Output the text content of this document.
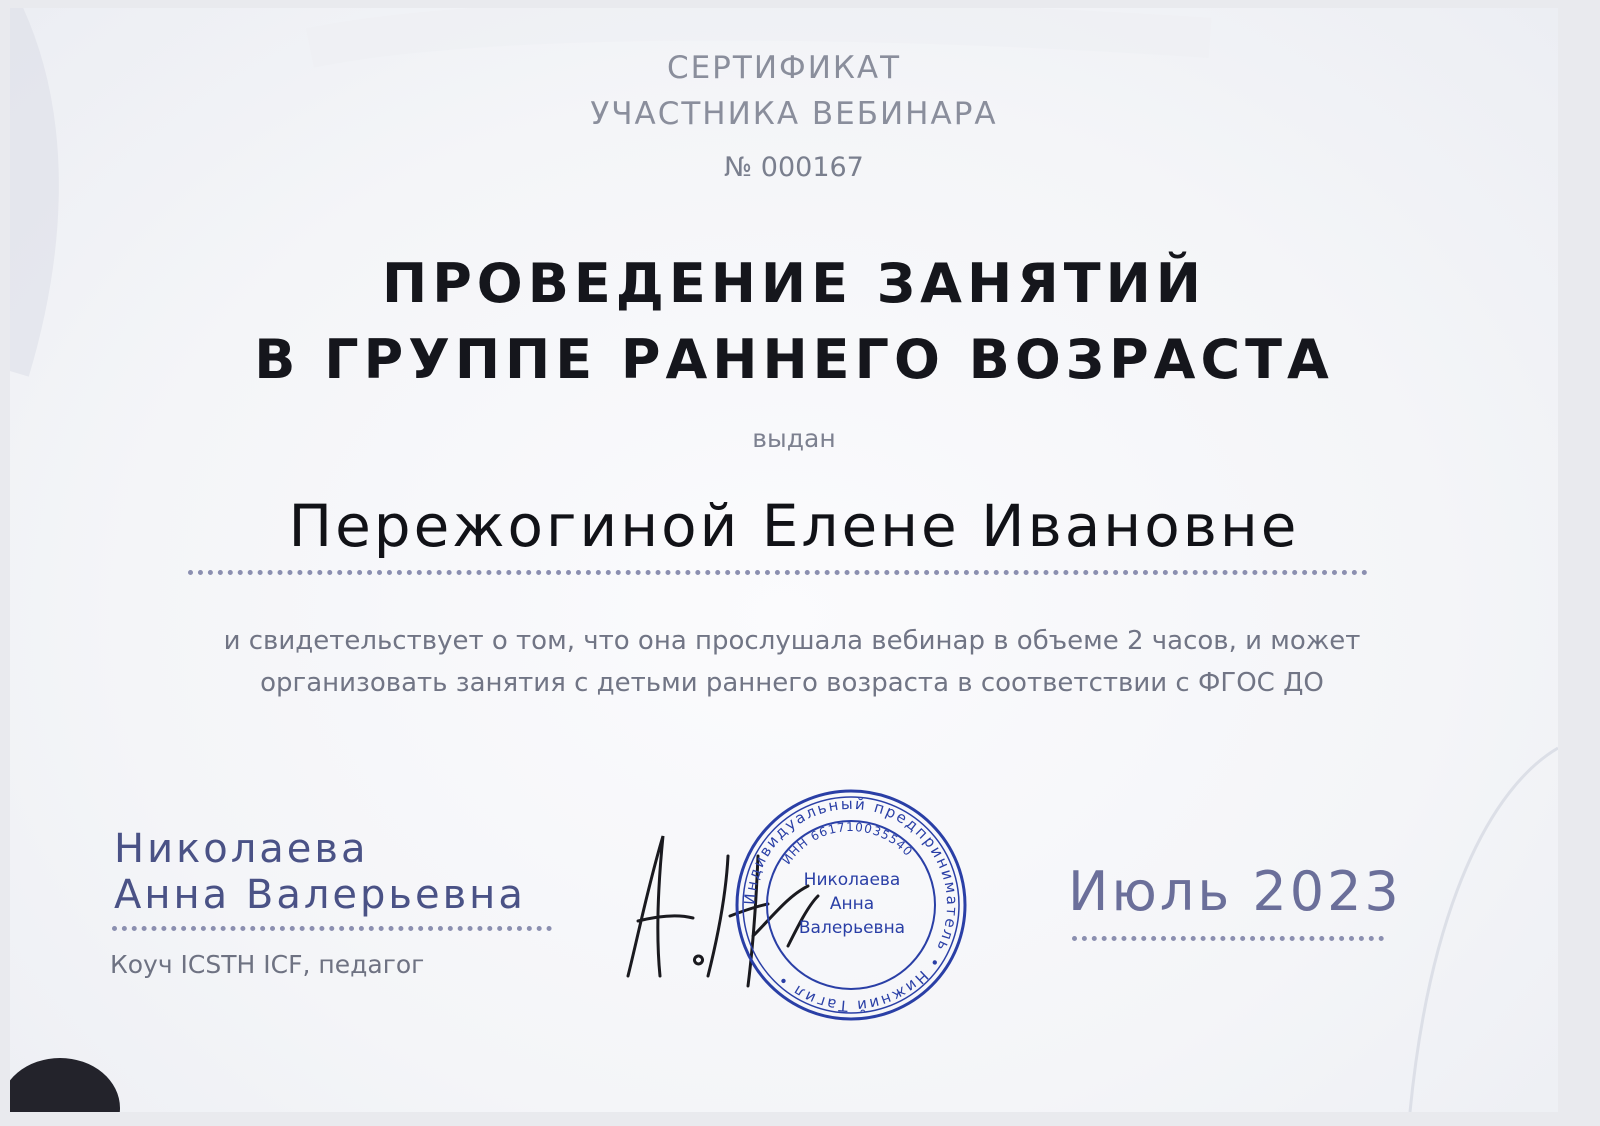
СЕРТИФИКАТ
УЧАСТНИКА ВЕБИНАРА
№ 000167
ПРОВЕДЕНИЕ ЗАНЯТИЙ
В ГРУППЕ РАННЕГО ВОЗРАСТА
выдан
Пережогиной Елене Ивановне
и свидетельствует о том, что она прослушала вебинар в объеме 2 часов, и может
организовать занятия с детьми раннего возраста в соответствии с ФГОС ДО
Николаева
Анна Валерьевна
Коуч ICSTH ICF, педагог
Индивидуальный предприниматель • Нижний Тагил •
ИНН 661710035540
Николаева
Анна
Валерьевна
Июль 2023
